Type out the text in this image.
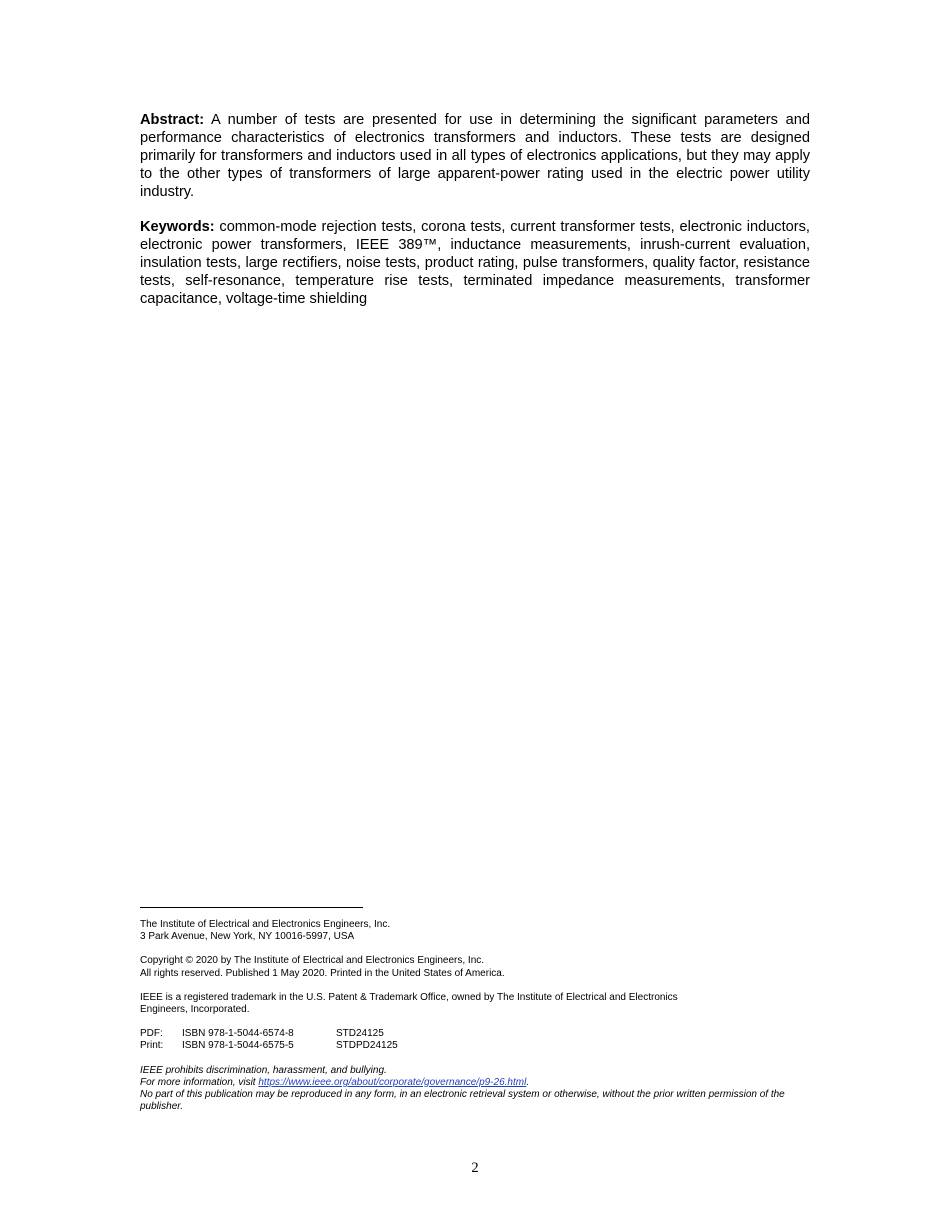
Abstract: A number of tests are presented for use in determining the significant parameters and performance characteristics of electronics transformers and inductors. These tests are designed primarily for transformers and inductors used in all types of electronics applications, but they may apply to the other types of transformers of large apparent-power rating used in the electric power utility industry.

Keywords: common-mode rejection tests, corona tests, current transformer tests, electronic inductors, electronic power transformers, IEEE 389™, inductance measurements, inrush-current evaluation, insulation tests, large rectifiers, noise tests, product rating, pulse transformers, quality factor, resistance tests, self-resonance, temperature rise tests, terminated impedance measurements, transformer capacitance, voltage-time shielding

The Institute of Electrical and Electronics Engineers, Inc.
3 Park Avenue, New York, NY 10016-5997, USA
Copyright © 2020 by The Institute of Electrical and Electronics Engineers, Inc.
All rights reserved. Published 1 May 2020. Printed in the United States of America.
IEEE is a registered trademark in the U.S. Patent & Trademark Office, owned by The Institute of Electrical and Electronics
Engineers, Incorporated.
PDF:	ISBN 978-1-5044-6574-8	STD24125
Print:	ISBN 978-1-5044-6575-5	STDPD24125
IEEE prohibits discrimination, harassment, and bullying.
For more information, visit https://www.ieee.org/about/corporate/governance/p9-26.html.
No part of this publication may be reproduced in any form, in an electronic retrieval system or otherwise, without the prior written permission of the publisher.
2
